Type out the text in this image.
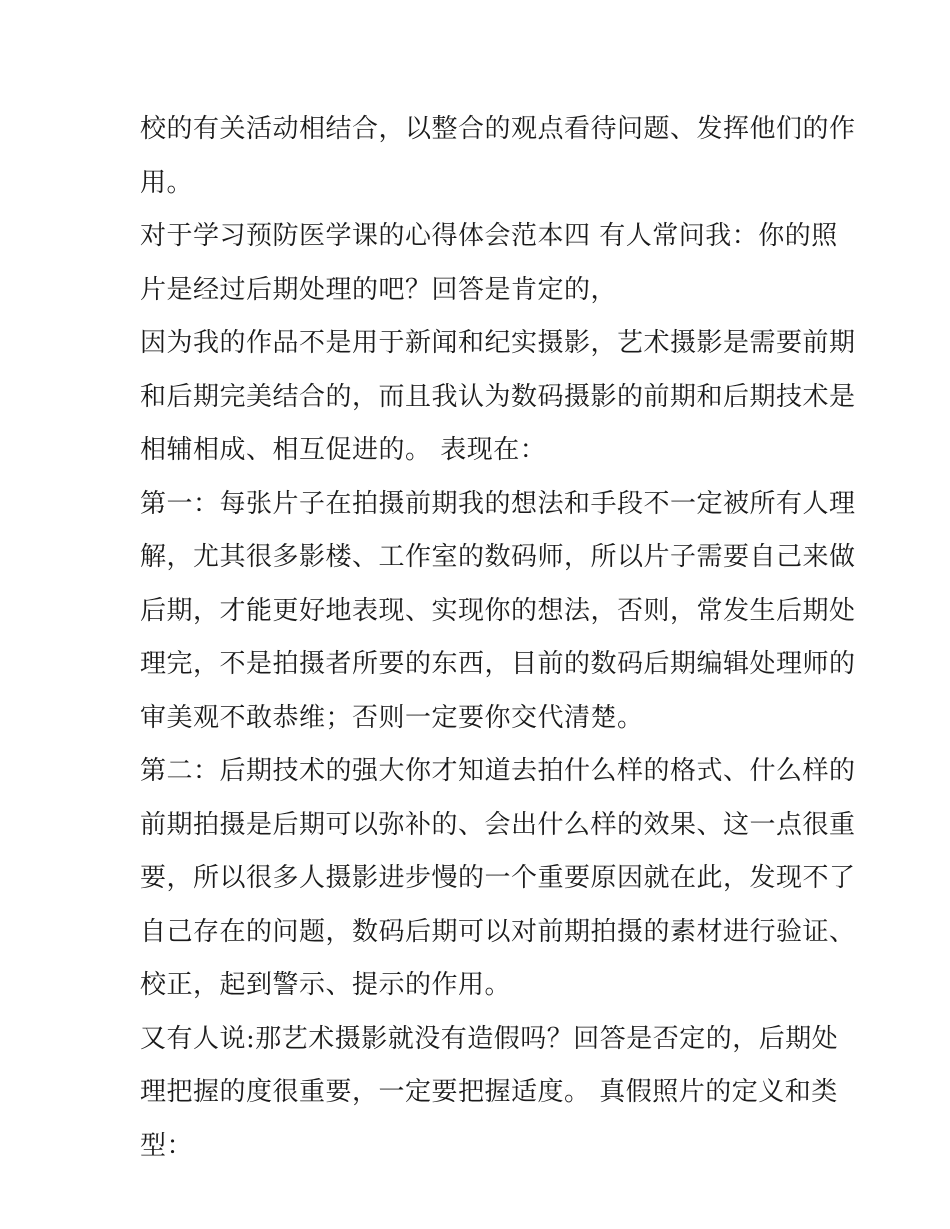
校的有关活动相结合，以整合的观点看待问题、发挥他们的作
用。
对于学习预防医学课的心得体会范本四 有人常问我：你的照
片是经过后期处理的吧？回答是肯定的，
因为我的作品不是用于新闻和纪实摄影，艺术摄影是需要前期
和后期完美结合的，而且我认为数码摄影的前期和后期技术是
相辅相成、相互促进的。 表现在：
第一：每张片子在拍摄前期我的想法和手段不一定被所有人理
解，尤其很多影楼、工作室的数码师，所以片子需要自己来做
后期，才能更好地表现、实现你的想法，否则，常发生后期处
理完，不是拍摄者所要的东西，目前的数码后期编辑处理师的
审美观不敢恭维；否则一定要你交代清楚。
第二：后期技术的强大你才知道去拍什么样的格式、什么样的
前期拍摄是后期可以弥补的、会出什么样的效果、这一点很重
要，所以很多人摄影进步慢的一个重要原因就在此，发现不了
自己存在的问题，数码后期可以对前期拍摄的素材进行验证、
校正，起到警示、提示的作用。
又有人说:那艺术摄影就没有造假吗？回答是否定的，后期处
理把握的度很重要，一定要把握适度。 真假照片的定义和类
型：
